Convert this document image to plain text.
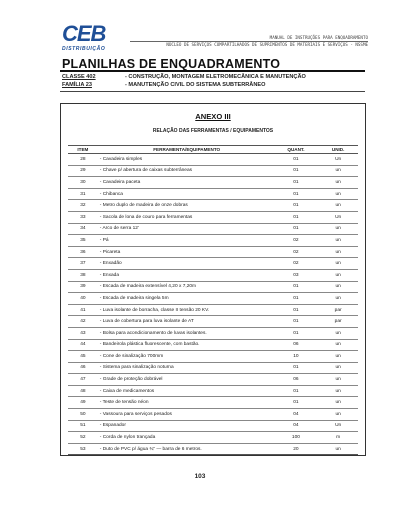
CEB
DISTRIBUIÇÃO
MANUAL DE INSTRUÇÕES PARA ENQUADRAMENTO
NÚCLEO DE SERVIÇOS COMPARTILHADOS DE SUPRIMENTOS DE MATERIAIS E SERVIÇOS - NSSME
PLANILHAS DE ENQUADRAMENTO
CLASSE 402	- CONSTRUÇÃO, MONTAGEM ELETROMECÂNICA E MANUTENÇÃO
FAMÍLIA 23	- MANUTENÇÃO CIVIL DO SISTEMA SUBTERRÂNEO
ANEXO III
RELAÇÃO DAS FERRAMENTAS / EQUIPAMENTOS
ITEM	FERRAMENTA/EQUIPAMENTO	QUANT.	UNID.
28	- Cavadeira simples	01	Un
29	- Chave p/ abertura de caixas subterrâneas	01	un
30	- Cavadeira paceta	01	un
31	- Chibanca	01	un
32	- Metro duplo de madeira de onze dobras	01	un
33	- Sacola de lona de couro para ferramentas	01	Un
34	- Arco de serra 12'	01	un
35	- Pá	02	un
36	- Picareta	02	un
37	- Enxadão	02	un
38	- Enxada	03	un
39	- Escada de madeira extensível 4,20 x 7,20m	01	un
40	- Escada de madeira singela 5m	01	un
41	- Luva isolante de borracha, classe II tensão 20 KV.	01	par
42	- Luva de cobertura para luva isolante de AT	01	par
43	- Bolsa para acondicionamento de luvas isolantes.	01	un
44	- Bandeirola plástica fluorescente, com bastão.	06	un
45	- Cone de sinalização 700mm	10	un
46	- Sistema para sinalização noturna	01	un
47	- Grade de proteção dobrável	06	un
48	- Caixa de medicamentos	01	un
49	- Teste de tensão néon	01	un
50	- Vassoura para serviços pesados	04	un
51	- Espanador	04	Un
52	- Corda de nylon trançada	100	m
53	- Duto de PVC p/ água ¾" — barra de 6 metros.	20	un
103
